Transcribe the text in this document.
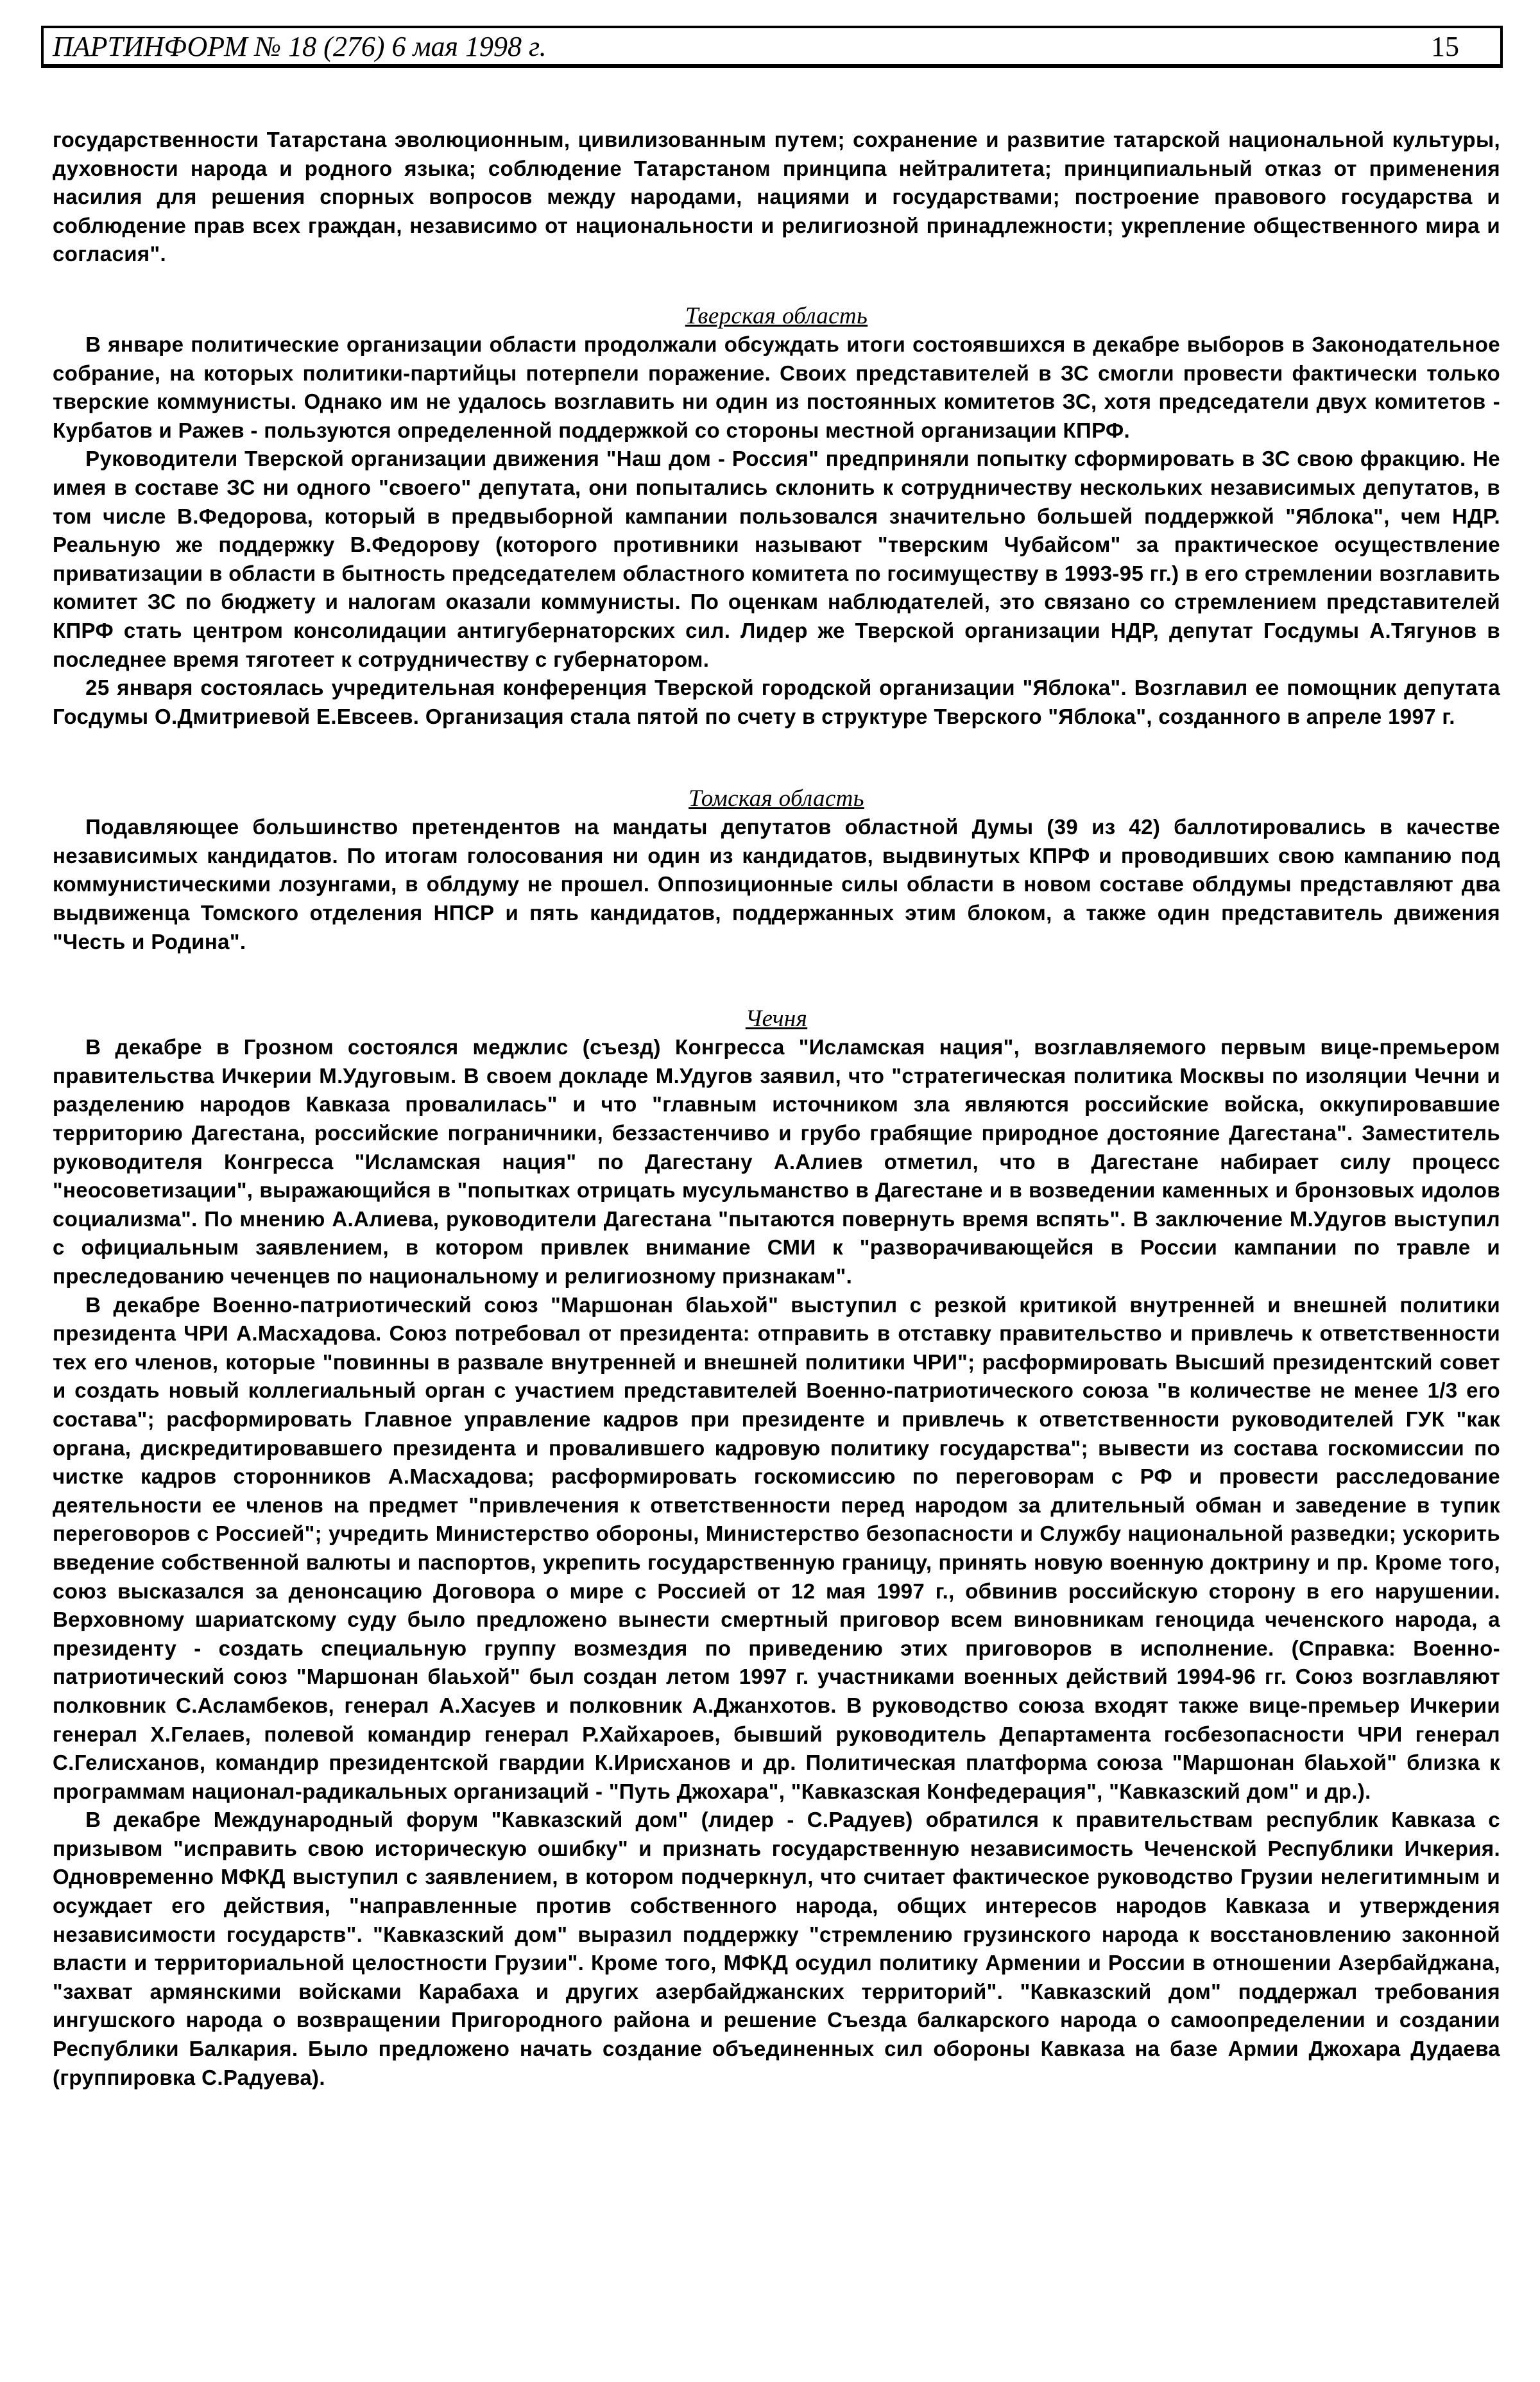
ПАРТИНФОРМ № 18 (276) 6 мая 1998 г.	15

государственности Татарстана эволюционным, цивилизованным путем; сохранение и развитие татарской национальной культуры, духовности народа и родного языка; соблюдение Татарстаном принципа нейтралитета; принципиальный отказ от применения насилия для решения спорных вопросов между народами, нациями и государствами; построение правового государства и соблюдение прав всех граждан, независимо от национальности и религиозной принадлежности; укрепление общественного мира и согласия".

Тверская область

В январе политические организации области продолжали обсуждать итоги состоявшихся в декабре выборов в Законодательное собрание, на которых политики-партийцы потерпели поражение. Своих представителей в ЗС смогли провести фактически только тверские коммунисты. Однако им не удалось возглавить ни один из постоянных комитетов ЗС, хотя председатели двух комитетов - Курбатов и Ражев - пользуются определенной поддержкой со стороны местной организации КПРФ.

Руководители Тверской организации движения "Наш дом - Россия" предприняли попытку сформировать в ЗС свою фракцию. Не имея в составе ЗС ни одного "своего" депутата, они попытались склонить к сотрудничеству нескольких независимых депутатов, в том числе В.Федорова, который в предвыборной кампании пользовался значительно большей поддержкой "Яблока", чем НДР. Реальную же поддержку В.Федорову (которого противники называют "тверским Чубайсом" за практическое осуществление приватизации в области в бытность председателем областного комитета по госимуществу в 1993-95 гг.) в его стремлении возглавить комитет ЗС по бюджету и налогам оказали коммунисты. По оценкам наблюдателей, это связано со стремлением представителей КПРФ стать центром консолидации антигубернаторских сил. Лидер же Тверской организации НДР, депутат Госдумы А.Тягунов в последнее время тяготеет к сотрудничеству с губернатором.

25 января состоялась учредительная конференция Тверской городской организации "Яблока". Возглавил ее помощник депутата Госдумы О.Дмитриевой Е.Евсеев. Организация стала пятой по счету в структуре Тверского "Яблока", созданного в апреле 1997 г.

Томская область

Подавляющее большинство претендентов на мандаты депутатов областной Думы (39 из 42) баллотировались в качестве независимых кандидатов. По итогам голосования ни один из кандидатов, выдвинутых КПРФ и проводивших свою кампанию под коммунистическими лозунгами, в облдуму не прошел. Оппозиционные силы области в новом составе облдумы представляют два выдвиженца Томского отделения НПСР и пять кандидатов, поддержанных этим блоком, а также один представитель движения "Честь и Родина".

Чечня

В декабре в Грозном состоялся меджлис (съезд) Конгресса "Исламская нация", возглавляемого первым вице-премьером правительства Ичкерии М.Удуговым. В своем докладе М.Удугов заявил, что "стратегическая политика Москвы по изоляции Чечни и разделению народов Кавказа провалилась" и что "главным источником зла являются российские войска, оккупировавшие территорию Дагестана, российские пограничники, беззастенчиво и грубо грабящие природное достояние Дагестана". Заместитель руководителя Конгресса "Исламская нация" по Дагестану А.Алиев отметил, что в Дагестане набирает силу процесс "неосоветизации", выражающийся в "попытках отрицать мусульманство в Дагестане и в возведении каменных и бронзовых идолов социализма". По мнению А.Алиева, руководители Дагестана "пытаются повернуть время вспять". В заключение М.Удугов выступил с официальным заявлением, в котором привлек внимание СМИ к "разворачивающейся в России кампании по травле и преследованию чеченцев по национальному и религиозному признакам".

В декабре Военно-патриотический союз "Маршонан бlаьхой" выступил с резкой критикой внутренней и внешней политики президента ЧРИ А.Масхадова. Союз потребовал от президента: отправить в отставку правительство и привлечь к ответственности тех его членов, которые "повинны в развале внутренней и внешней политики ЧРИ"; расформировать Высший президентский совет и создать новый коллегиальный орган с участием представителей Военно-патриотического союза "в количестве не менее 1/3 его состава"; расформировать Главное управление кадров при президенте и привлечь к ответственности руководителей ГУК "как органа, дискредитировавшего президента и провалившего кадровую политику государства"; вывести из состава госкомиссии по чистке кадров сторонников А.Масхадова; расформировать госкомиссию по переговорам с РФ и провести расследование деятельности ее членов на предмет "привлечения к ответственности перед народом за длительный обман и заведение в тупик переговоров с Россией"; учредить Министерство обороны, Министерство безопасности и Службу национальной разведки; ускорить введение собственной валюты и паспортов, укрепить государственную границу, принять новую военную доктрину и пр. Кроме того, союз высказался за денонсацию Договора о мире с Россией от 12 мая 1997 г., обвинив российскую сторону в его нарушении. Верховному шариатскому суду было предложено вынести смертный приговор всем виновникам геноцида чеченского народа, а президенту - создать специальную группу возмездия по приведению этих приговоров в исполнение. (Справка: Военно-патриотический союз "Маршонан бlаьхой" был создан летом 1997 г. участниками военных действий 1994-96 гг. Союз возглавляют полковник С.Асламбеков, генерал А.Хасуев и полковник А.Джанхотов. В руководство союза входят также вице-премьер Ичкерии генерал Х.Гелаев, полевой командир генерал Р.Хайхароев, бывший руководитель Департамента госбезопасности ЧРИ генерал С.Гелисханов, командир президентской гвардии К.Ирисханов и др. Политическая платформа союза "Маршонан бlаьхой" близка к программам национал-радикальных организаций - "Путь Джохара", "Кавказская Конфедерация", "Кавказский дом" и др.).

В декабре Международный форум "Кавказский дом" (лидер - С.Радуев) обратился к правительствам республик Кавказа с призывом "исправить свою историческую ошибку" и признать государственную независимость Чеченской Республики Ичкерия. Одновременно МФКД выступил с заявлением, в котором подчеркнул, что считает фактическое руководство Грузии нелегитимным и осуждает его действия, "направленные против собственного народа, общих интересов народов Кавказа и утверждения независимости государств". "Кавказский дом" выразил поддержку "стремлению грузинского народа к восстановлению законной власти и территориальной целостности Грузии". Кроме того, МФКД осудил политику Армении и России в отношении Азербайджана, "захват армянскими войсками Карабаха и других азербайджанских территорий". "Кавказский дом" поддержал требования ингушского народа о возвращении Пригородного района и решение Съезда балкарского народа о самоопределении и создании Республики Балкария. Было предложено начать создание объединенных сил обороны Кавказа на базе Армии Джохара Дудаева (группировка С.Радуева).
